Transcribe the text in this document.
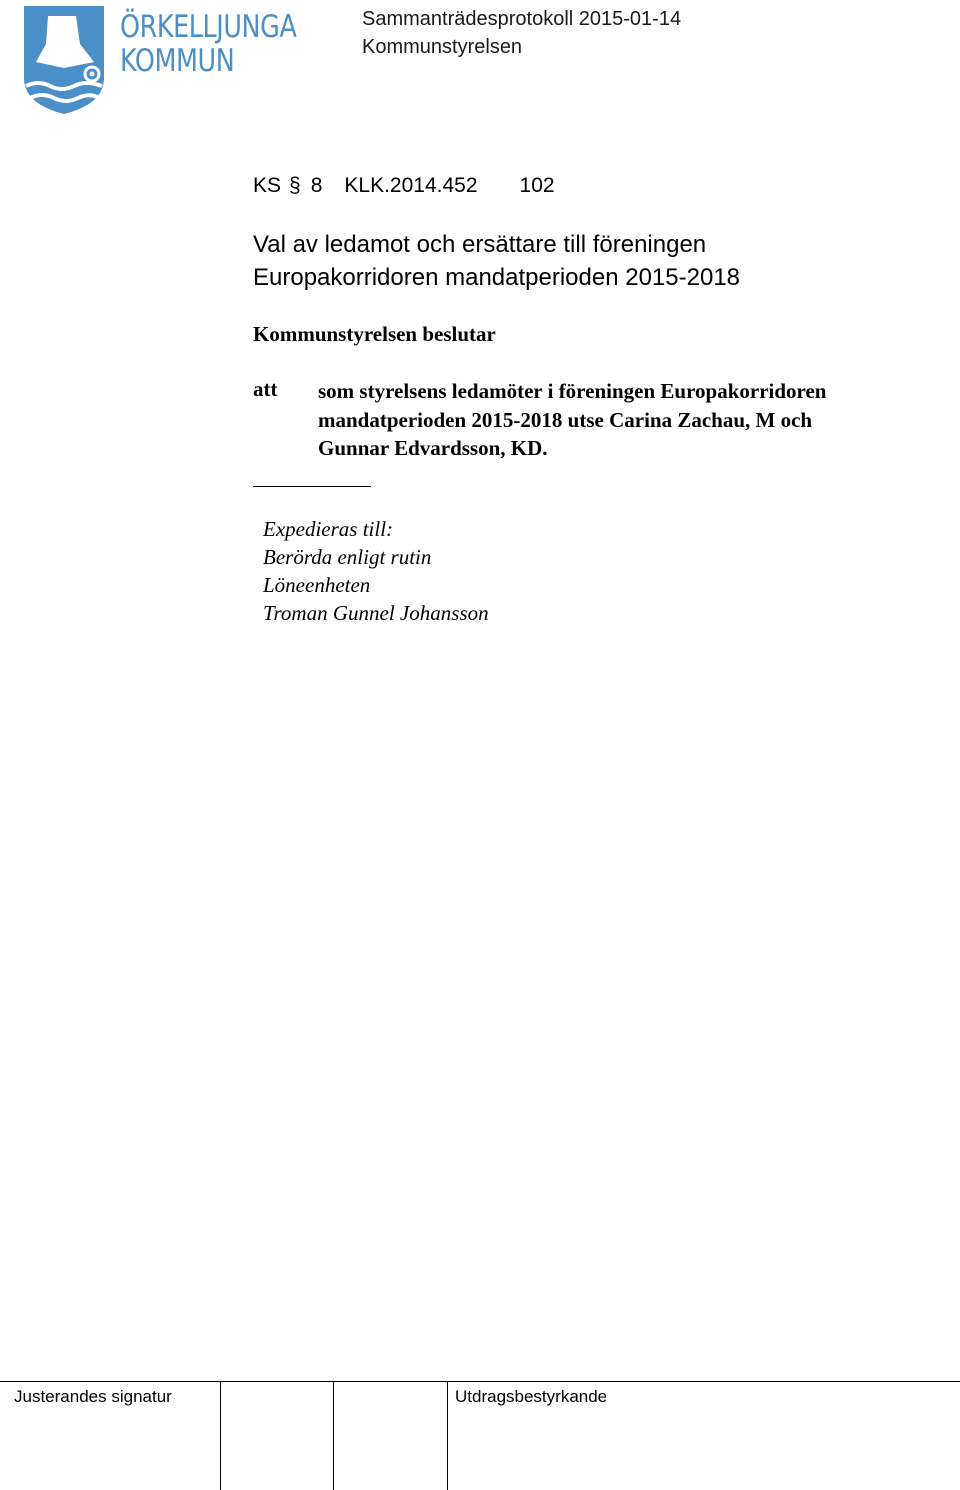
ÖRKELLJUNGA
KOMMUN
Sammanträdesprotokoll 2015-01-14
Kommunstyrelsen
KS § 8 KLK.2014.452 102
Val av ledamot och ersättare till föreningen
Europakorridoren mandatperioden 2015-2018
Kommunstyrelsen beslutar
att som styrelsens ledamöter i föreningen Europakorridoren
mandatperioden 2015-2018 utse Carina Zachau, M och
Gunnar Edvardsson, KD.
Expedieras till:
Berörda enligt rutin
Löneenheten
Troman Gunnel Johansson
Justerandes signatur	Utdragsbestyrkande
